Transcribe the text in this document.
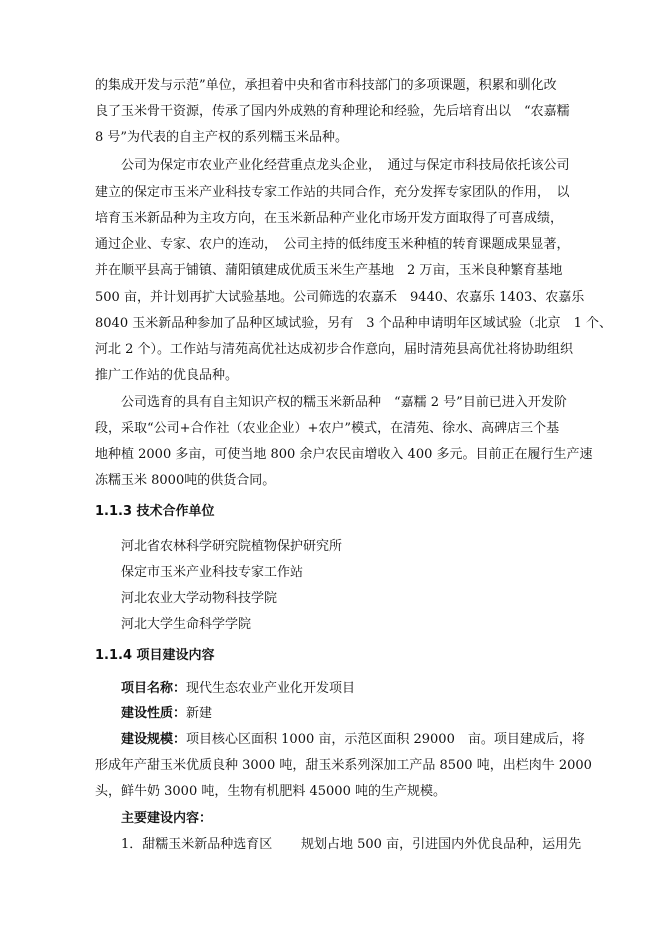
的集成开发与示范”单位，承担着中央和省市科技部门的多项课题，积累和驯化改
良了玉米骨干资源，传承了国内外成熟的育种理论和经验，先后培育出以　“农嘉糯
8 号”为代表的自主产权的系列糯玉米品种。
公司为保定市农业产业化经营重点龙头企业，　通过与保定市科技局依托该公司
建立的保定市玉米产业科技专家工作站的共同合作，充分发挥专家团队的作用，　以
培育玉米新品种为主攻方向，在玉米新品种产业化市场开发方面取得了可喜成绩，
通过企业、专家、农户的连动，　公司主持的低纬度玉米种植的转育课题成果显著，
并在顺平县高于铺镇、蒲阳镇建成优质玉米生产基地　2 万亩，玉米良种繁育基地
500 亩，并计划再扩大试验基地。公司筛选的农嘉禾　9440、农嘉乐 1403、农嘉乐
8040 玉米新品种参加了品种区域试验，另有　3 个品种申请明年区域试验（北京　1 个、
河北 2 个）。工作站与清苑高优社达成初步合作意向，届时清苑县高优社将协助组织
推广工作站的优良品种。
公司选育的具有自主知识产权的糯玉米新品种　“嘉糯 2 号”目前已进入开发阶
段，采取“公司+合作社（农业企业）+农户”模式，在清苑、徐水、高碑店三个基
地种植 2000 多亩，可使当地 800 余户农民亩增收入 400 多元。目前正在履行生产速
冻糯玉米 8000吨的供货合同。
1.1.3 技术合作单位
河北省农林科学研究院植物保护研究所
保定市玉米产业科技专家工作站
河北农业大学动物科技学院
河北大学生命科学学院
1.1.4 项目建设内容
项目名称：现代生态农业产业化开发项目
建设性质：新建
建设规模：项目核心区面积 1000 亩，示范区面积 29000　亩。项目建成后，将
形成年产甜玉米优质良种 3000 吨，甜玉米系列深加工产品 8500 吨，出栏肉牛 2000
头，鲜牛奶 3000 吨，生物有机肥料 45000 吨的生产规模。
主要建设内容：
1．甜糯玉米新品种选育区 规划占地 500 亩，引进国内外优良品种，运用先
